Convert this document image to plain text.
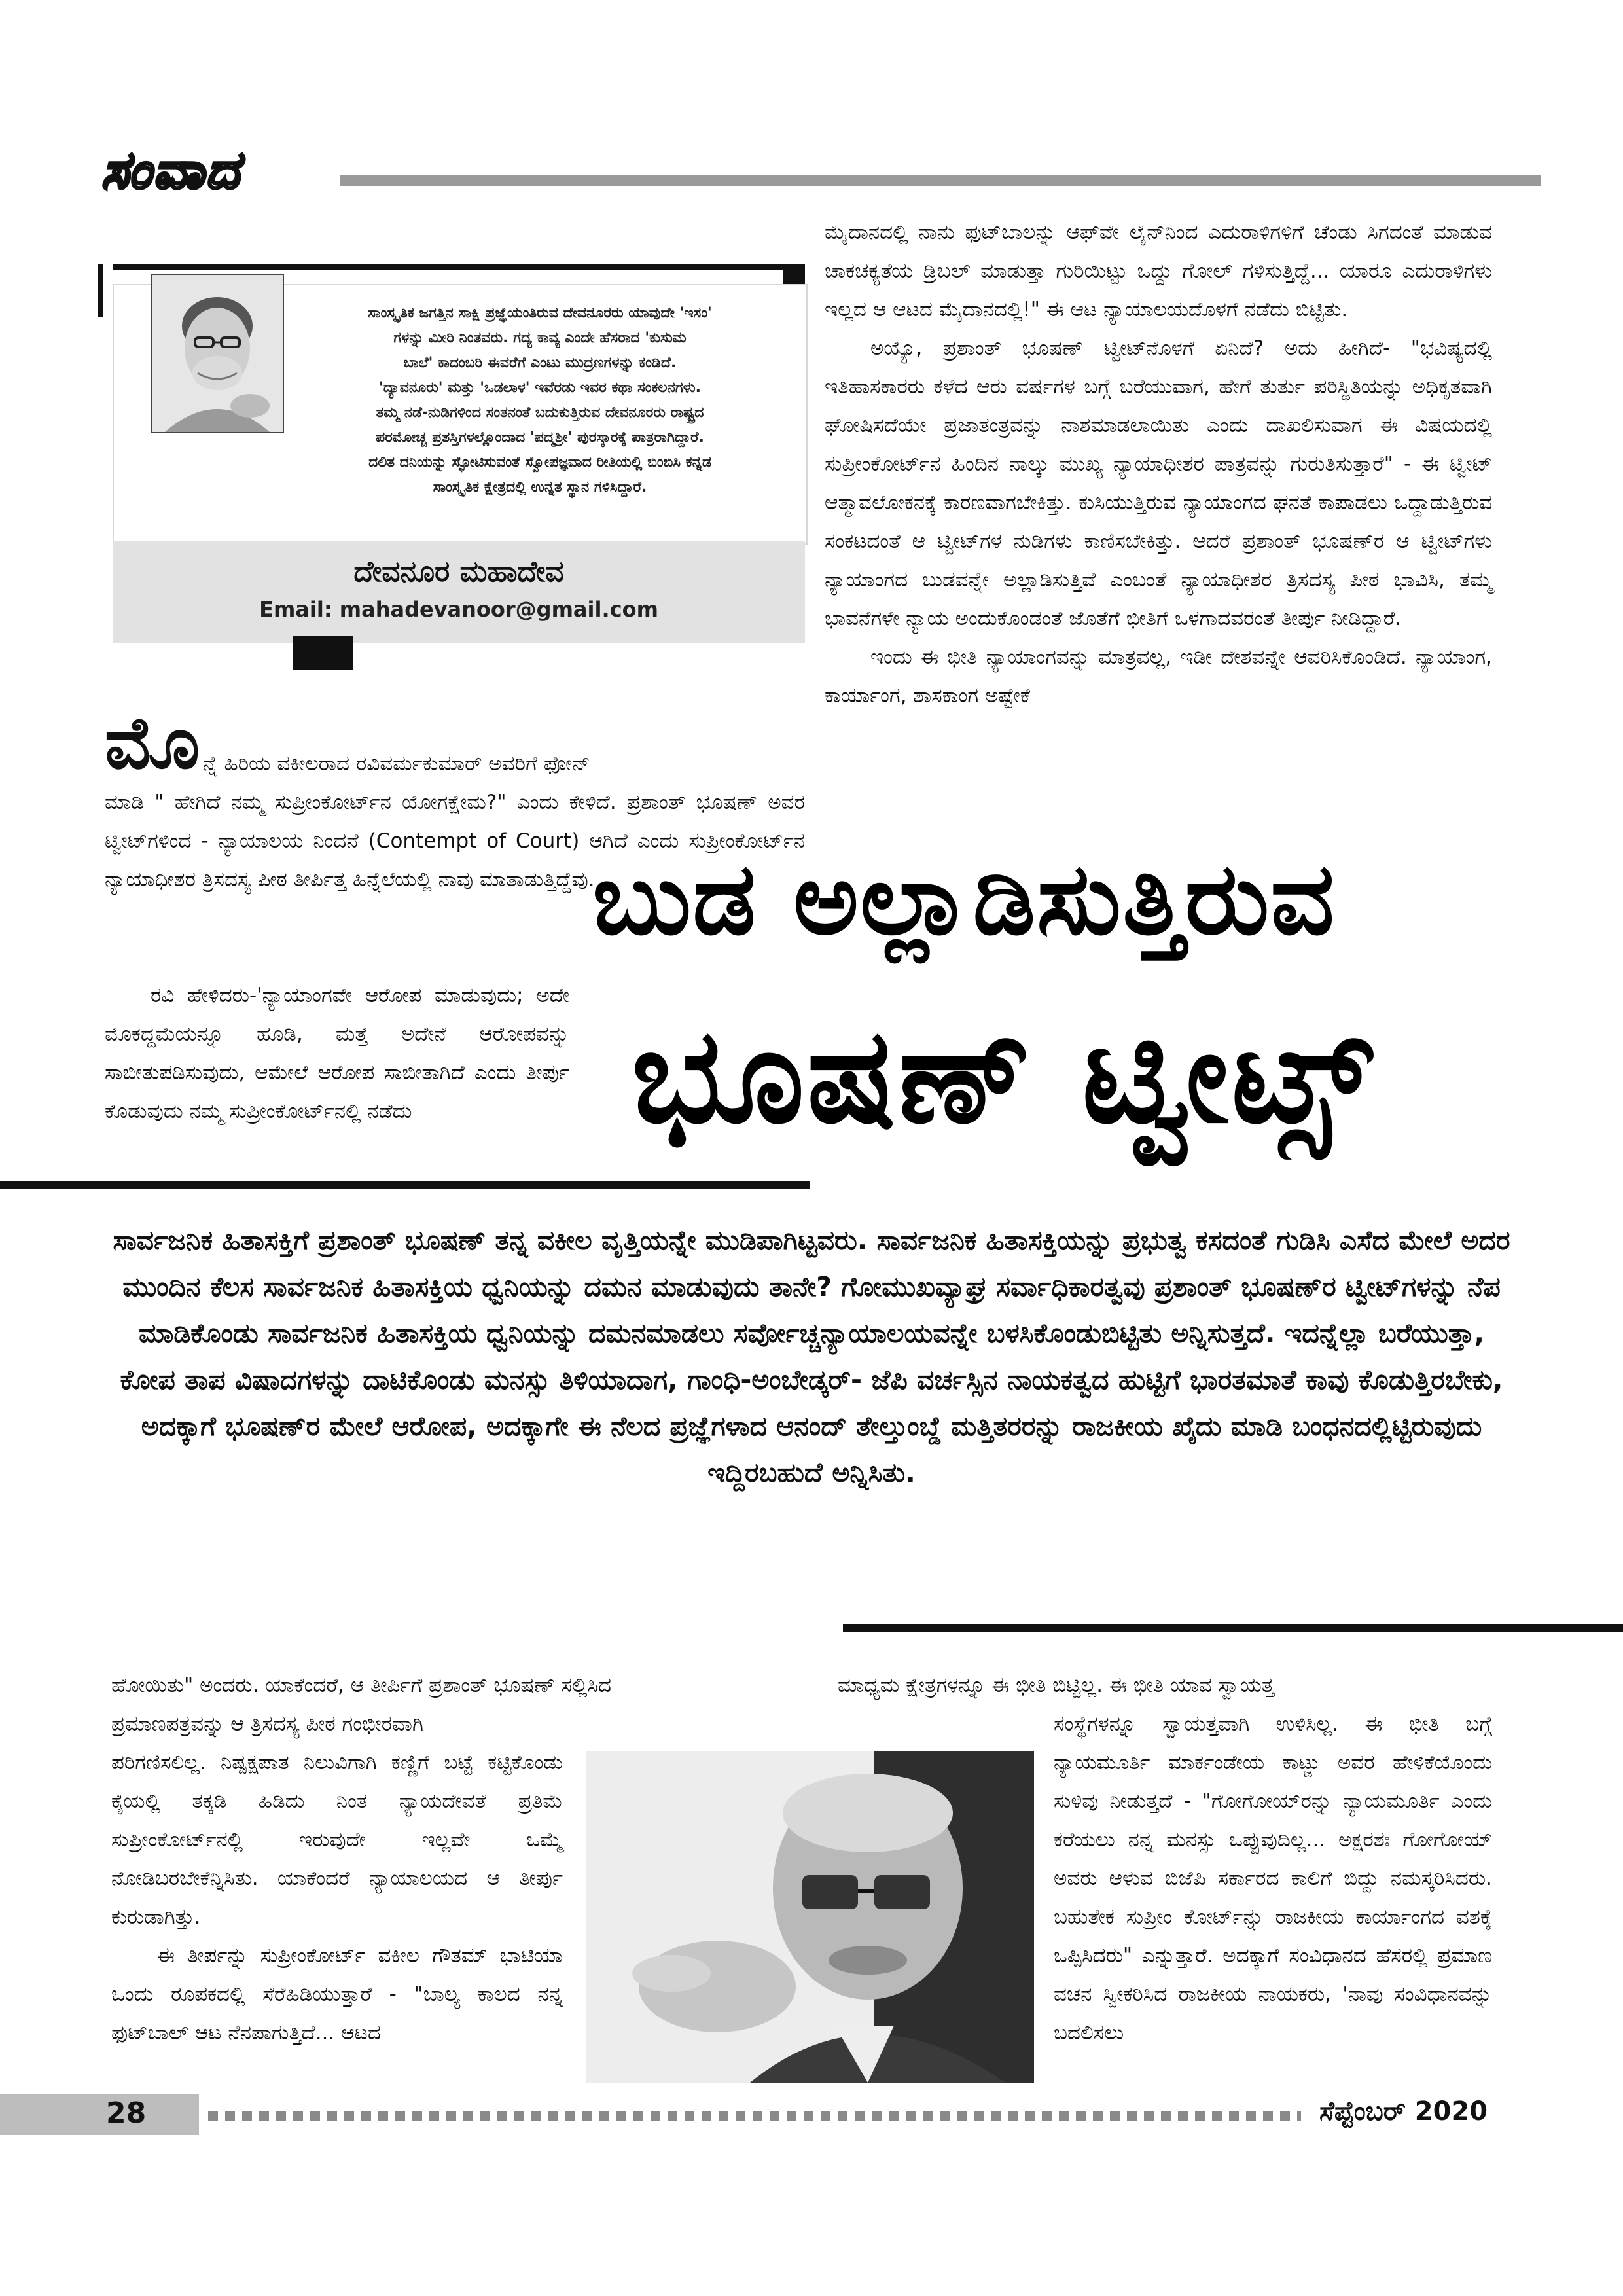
ಸಂವಾದ
ಸಾಂಸ್ಕೃತಿಕ ಜಗತ್ತಿನ ಸಾಕ್ಷಿ ಪ್ರಜ್ಞೆಯಂತಿರುವ ದೇವನೂರರು ಯಾವುದೇ 'ಇಸಂ'
ಗಳನ್ನು ಮೀರಿ ನಿಂತವರು. ಗದ್ಯ ಕಾವ್ಯ ಎಂದೇ ಹೆಸರಾದ 'ಕುಸುಮ
ಬಾಲೆ' ಕಾದಂಬರಿ ಈವರೆಗೆ ಎಂಟು ಮುದ್ರಣಗಳನ್ನು ಕಂಡಿದೆ.
'ದ್ಯಾವನೂರು' ಮತ್ತು 'ಒಡಲಾಳ' ಇವೆರಡು ಇವರ ಕಥಾ ಸಂಕಲನಗಳು.
ತಮ್ಮ ನಡೆ-ನುಡಿಗಳಿಂದ ಸಂತನಂತೆ ಬದುಕುತ್ತಿರುವ ದೇವನೂರರು ರಾಷ್ಟ್ರದ
ಪರಮೋಚ್ಚ ಪ್ರಶಸ್ತಿಗಳಲ್ಲೊಂದಾದ 'ಪದ್ಮಶ್ರೀ' ಪುರಸ್ಕಾರಕ್ಕೆ ಪಾತ್ರರಾಗಿದ್ದಾರೆ.
ದಲಿತ ದನಿಯನ್ನು ಸ್ಫೋಟಿಸುವಂತೆ ಸ್ವೋಪಜ್ಞವಾದ ರೀತಿಯಲ್ಲಿ ಬಿಂಬಿಸಿ ಕನ್ನಡ
ಸಾಂಸ್ಕೃತಿಕ ಕ್ಷೇತ್ರದಲ್ಲಿ ಉನ್ನತ ಸ್ಥಾನ ಗಳಿಸಿದ್ದಾರೆ.
ದೇವನೂರ ಮಹಾದೇವ
Email: mahadevanoor@gmail.com

ಮೈದಾನದಲ್ಲಿ ನಾನು ಫುಟ್‌ಬಾಲನ್ನು ಆಫ್‌ವೇ ಲೈನ್‌ನಿಂದ ಎದುರಾಳಿಗಳಿಗೆ ಚೆಂಡು ಸಿಗದಂತೆ ಮಾಡುವ ಚಾಕಚಕ್ಯತೆಯ ಡ್ರಿಬಲ್ ಮಾಡುತ್ತಾ ಗುರಿಯಿಟ್ಟು ಒದ್ದು ಗೋಲ್ ಗಳಿಸುತ್ತಿದ್ದೆ... ಯಾರೂ ಎದುರಾಳಿಗಳು ಇಲ್ಲದ ಆ ಆಟದ ಮೈದಾನದಲ್ಲಿ!" ಈ ಆಟ ನ್ಯಾಯಾಲಯದೊಳಗೆ ನಡೆದು ಬಿಟ್ಟಿತು.

ಅಯ್ಯೊ, ಪ್ರಶಾಂತ್ ಭೂಷಣ್ ಟ್ವೀಟ್‌ನೊಳಗೆ ಏನಿದೆ? ಅದು ಹೀಗಿದೆ- "ಭವಿಷ್ಯದಲ್ಲಿ ಇತಿಹಾಸಕಾರರು ಕಳೆದ ಆರು ವರ್ಷಗಳ ಬಗ್ಗೆ ಬರೆಯುವಾಗ, ಹೇಗೆ ತುರ್ತು ಪರಿಸ್ಥಿತಿಯನ್ನು ಅಧಿಕೃತವಾಗಿ ಘೋಷಿಸದೆಯೇ ಪ್ರಜಾತಂತ್ರವನ್ನು ನಾಶಮಾಡಲಾಯಿತು ಎಂದು ದಾಖಲಿಸುವಾಗ ಈ ವಿಷಯದಲ್ಲಿ ಸುಪ್ರೀಂಕೋರ್ಟ್‌ನ ಹಿಂದಿನ ನಾಲ್ಕು ಮುಖ್ಯ ನ್ಯಾಯಾಧೀಶರ ಪಾತ್ರವನ್ನು ಗುರುತಿಸುತ್ತಾರೆ" - ಈ ಟ್ವೀಟ್ ಆತ್ಮಾವಲೋಕನಕ್ಕೆ ಕಾರಣವಾಗಬೇಕಿತ್ತು. ಕುಸಿಯುತ್ತಿರುವ ನ್ಯಾಯಾಂಗದ ಘನತೆ ಕಾಪಾಡಲು ಒದ್ದಾಡುತ್ತಿರುವ ಸಂಕಟದಂತೆ ಆ ಟ್ವೀಟ್‌ಗಳ ನುಡಿಗಳು ಕಾಣಿಸಬೇಕಿತ್ತು. ಆದರೆ ಪ್ರಶಾಂತ್ ಭೂಷಣ್‌ರ ಆ ಟ್ವೀಟ್‌ಗಳು ನ್ಯಾಯಾಂಗದ ಬುಡವನ್ನೇ ಅಲ್ಲಾಡಿಸುತ್ತಿವೆ ಎಂಬಂತೆ ನ್ಯಾಯಾಧೀಶರ ತ್ರಿಸದಸ್ಯ ಪೀಠ ಭಾವಿಸಿ, ತಮ್ಮ ಭಾವನೆಗಳೇ ನ್ಯಾಯ ಅಂದುಕೊಂಡಂತೆ ಜೊತೆಗೆ ಭೀತಿಗೆ ಒಳಗಾದವರಂತೆ ತೀರ್ಪು ನೀಡಿದ್ದಾರೆ.

ಇಂದು ಈ ಭೀತಿ ನ್ಯಾಯಾಂಗವನ್ನು ಮಾತ್ರವಲ್ಲ, ಇಡೀ ದೇಶವನ್ನೇ ಆವರಿಸಿಕೊಂಡಿದೆ. ನ್ಯಾಯಾಂಗ, ಕಾರ್ಯಾಂಗ, ಶಾಸಕಾಂಗ ಅಷ್ಟೇಕೆ

ಮೊ ನ್ನೆ ಹಿರಿಯ ವಕೀಲರಾದ ರವಿವರ್ಮಕುಮಾರ್ ಅವರಿಗೆ ಫೋನ್

ಮಾಡಿ " ಹೇಗಿದೆ ನಮ್ಮ ಸುಪ್ರೀಂಕೋರ್ಟ್‌ನ ಯೋಗಕ್ಷೇಮ?" ಎಂದು ಕೇಳಿದೆ. ಪ್ರಶಾಂತ್ ಭೂಷಣ್ ಅವರ ಟ್ವೀಟ್‌ಗಳಿಂದ - ನ್ಯಾಯಾಲಯ ನಿಂದನೆ (Contempt of Court) ಆಗಿದೆ ಎಂದು ಸುಪ್ರೀಂಕೋರ್ಟ್‌ನ ನ್ಯಾಯಾಧೀಶರ ತ್ರಿಸದಸ್ಯ ಪೀಠ ತೀರ್ಪಿತ್ತ ಹಿನ್ನೆಲೆಯಲ್ಲಿ ನಾವು ಮಾತಾಡುತ್ತಿದ್ದೆವು.

ರವಿ ಹೇಳಿದರು-'ನ್ಯಾಯಾಂಗವೇ ಆರೋಪ ಮಾಡುವುದು; ಅದೇ ಮೊಕದ್ದಮೆಯನ್ನೂ ಹೂಡಿ, ಮತ್ತೆ ಅದೇನೆ ಆರೋಪವನ್ನು ಸಾಬೀತುಪಡಿಸುವುದು, ಆಮೇಲೆ ಆರೋಪ ಸಾಬೀತಾಗಿದೆ ಎಂದು ತೀರ್ಪು ಕೊಡುವುದು ನಮ್ಮ ಸುಪ್ರೀಂಕೋರ್ಟ್‌ನಲ್ಲಿ ನಡೆದು

ಬುಡ ಅಲ್ಲಾಡಿಸುತ್ತಿರುವ
ಭೂಷಣ್ ಟ್ವೀಟ್ಸ್
ಸಾರ್ವಜನಿಕ ಹಿತಾಸಕ್ತಿಗೆ ಪ್ರಶಾಂತ್ ಭೂಷಣ್ ತನ್ನ ವಕೀಲ ವೃತ್ತಿಯನ್ನೇ ಮುಡಿಪಾಗಿಟ್ಟವರು. ಸಾರ್ವಜನಿಕ ಹಿತಾಸಕ್ತಿಯನ್ನು ಪ್ರಭುತ್ವ ಕಸದಂತೆ ಗುಡಿಸಿ ಎಸೆದ ಮೇಲೆ ಅದರ ಮುಂದಿನ ಕೆಲಸ ಸಾರ್ವಜನಿಕ ಹಿತಾಸಕ್ತಿಯ ಧ್ವನಿಯನ್ನು ದಮನ ಮಾಡುವುದು ತಾನೇ? ಗೋಮುಖವ್ಯಾಘ್ರ ಸರ್ವಾಧಿಕಾರತ್ವವು ಪ್ರಶಾಂತ್ ಭೂಷಣ್‌ರ ಟ್ವೀಟ್‌ಗಳನ್ನು ನೆಪ ಮಾಡಿಕೊಂಡು ಸಾರ್ವಜನಿಕ ಹಿತಾಸಕ್ತಿಯ ಧ್ವನಿಯನ್ನು ದಮನಮಾಡಲು ಸರ್ವೋಚ್ಚನ್ಯಾಯಾಲಯವನ್ನೇ ಬಳಸಿಕೊಂಡುಬಿಟ್ಟಿತು ಅನ್ನಿಸುತ್ತದೆ. ಇದನ್ನೆಲ್ಲಾ ಬರೆಯುತ್ತಾ, ಕೋಪ ತಾಪ ವಿಷಾದಗಳನ್ನು ದಾಟಿಕೊಂಡು ಮನಸ್ಸು ತಿಳಿಯಾದಾಗ, ಗಾಂಧಿ-ಅಂಬೇಡ್ಕರ್- ಜೆಪಿ ವರ್ಚಸ್ಸಿನ ನಾಯಕತ್ವದ ಹುಟ್ಟಿಗೆ ಭಾರತಮಾತೆ ಕಾವು ಕೊಡುತ್ತಿರಬೇಕು, ಅದಕ್ಕಾಗೆ ಭೂಷಣ್‌ರ ಮೇಲೆ ಆರೋಪ, ಅದಕ್ಕಾಗೇ ಈ ನೆಲದ ಪ್ರಜ್ಞೆಗಳಾದ ಆನಂದ್ ತೇಲ್ತುಂಬ್ಡೆ ಮತ್ತಿತರರನ್ನು ರಾಜಕೀಯ ಖೈದು ಮಾಡಿ ಬಂಧನದಲ್ಲಿಟ್ಟಿರುವುದು ಇದ್ದಿರಬಹುದೆ ಅನ್ನಿಸಿತು.
ಹೋಯಿತು" ಅಂದರು. ಯಾಕೆಂದರೆ, ಆ ತೀರ್ಪಿಗೆ ಪ್ರಶಾಂತ್ ಭೂಷಣ್ ಸಲ್ಲಿಸಿದ
ಪ್ರಮಾಣಪತ್ರವನ್ನು ಆ ತ್ರಿಸದಸ್ಯ ಪೀಠ ಗಂಭೀರವಾಗಿ

ಪರಿಗಣಿಸಲಿಲ್ಲ. ನಿಷ್ಪಕ್ಷಪಾತ ನಿಲುವಿಗಾಗಿ ಕಣ್ಣಿಗೆ ಬಟ್ಟೆ ಕಟ್ಟಿಕೊಂಡು ಕೈಯಲ್ಲಿ ತಕ್ಕಡಿ ಹಿಡಿದು ನಿಂತ ನ್ಯಾಯದೇವತೆ ಪ್ರತಿಮೆ ಸುಪ್ರೀಂಕೋರ್ಟ್‌ನಲ್ಲಿ ಇರುವುದೇ ಇಲ್ಲವೇ ಒಮ್ಮೆ ನೋಡಿಬರಬೇಕೆನ್ನಿಸಿತು. ಯಾಕೆಂದರೆ ನ್ಯಾಯಾಲಯದ ಆ ತೀರ್ಪು ಕುರುಡಾಗಿತ್ತು.

ಈ ತೀರ್ಪನ್ನು ಸುಪ್ರೀಂಕೋರ್ಟ್ ವಕೀಲ ಗೌತಮ್ ಭಾಟಿಯಾ ಒಂದು ರೂಪಕದಲ್ಲಿ ಸೆರೆಹಿಡಿಯುತ್ತಾರೆ - "ಬಾಲ್ಯ ಕಾಲದ ನನ್ನ ಫುಟ್‌ಬಾಲ್ ಆಟ ನೆನಪಾಗುತ್ತಿದೆ... ಆಟದ

ಮಾಧ್ಯಮ ಕ್ಷೇತ್ರಗಳನ್ನೂ ಈ ಭೀತಿ ಬಿಟ್ಟಿಲ್ಲ. ಈ ಭೀತಿ ಯಾವ ಸ್ವಾಯತ್ತ

ಸಂಸ್ಥೆಗಳನ್ನೂ ಸ್ವಾಯತ್ತವಾಗಿ ಉಳಿಸಿಲ್ಲ. ಈ ಭೀತಿ ಬಗ್ಗೆ ನ್ಯಾಯಮೂರ್ತಿ ಮಾರ್ಕಂಡೇಯ ಕಾಟ್ಜು ಅವರ ಹೇಳಿಕೆಯೊಂದು ಸುಳಿವು ನೀಡುತ್ತದೆ - "ಗೋಗೋಯ್‌ರನ್ನು ನ್ಯಾಯಮೂರ್ತಿ ಎಂದು ಕರೆಯಲು ನನ್ನ ಮನಸ್ಸು ಒಪ್ಪುವುದಿಲ್ಲ... ಅಕ್ಷರಶಃ ಗೋಗೋಯ್ ಅವರು ಆಳುವ ಬಿಜೆಪಿ ಸರ್ಕಾರದ ಕಾಲಿಗೆ ಬಿದ್ದು ನಮಸ್ಕರಿಸಿದರು. ಬಹುತೇಕ ಸುಪ್ರೀಂ ಕೋರ್ಟ್‌ನ್ನು ರಾಜಕೀಯ ಕಾರ್ಯಾಂಗದ ವಶಕ್ಕೆ ಒಪ್ಪಿಸಿದರು" ಎನ್ನುತ್ತಾರೆ. ಅದಕ್ಕಾಗೆ ಸಂವಿಧಾನದ ಹೆಸರಲ್ಲಿ ಪ್ರಮಾಣ ವಚನ ಸ್ವೀಕರಿಸಿದ ರಾಜಕೀಯ ನಾಯಕರು, 'ನಾವು ಸಂವಿಧಾನವನ್ನು ಬದಲಿಸಲು

28	ಸೆಪ್ಟೆಂಬರ್ 2020
